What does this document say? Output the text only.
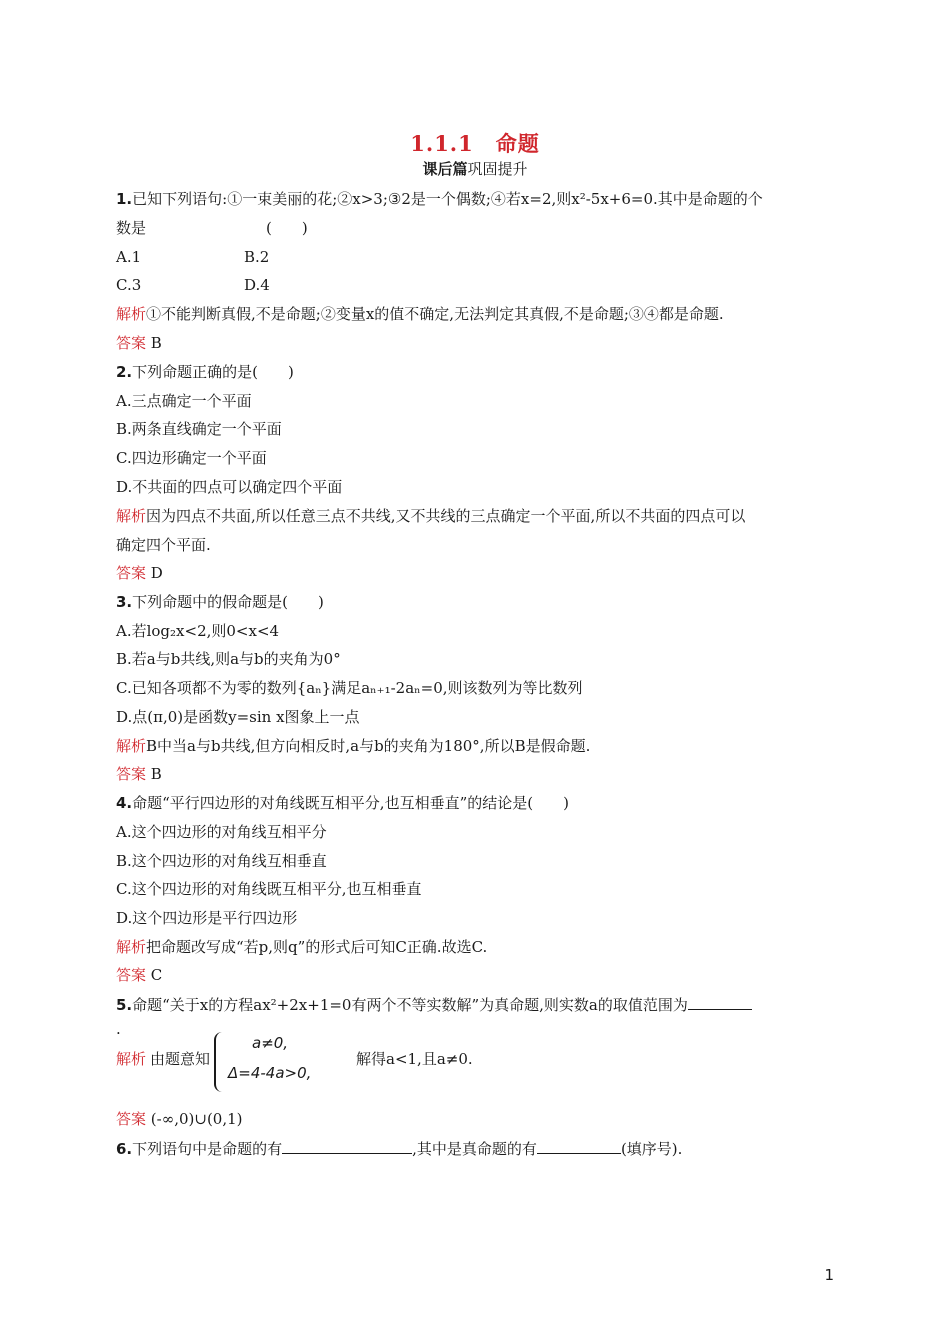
1.1.1　命题
课后篇巩固提升
1.已知下列语句:①一束美丽的花;②x>3;③2是一个偶数;④若x=2,则x²-5x+6=0.其中是命题的个
数是　　　　　　　　(　　)
A.1	B.2
C.3	D.4
解析①不能判断真假,不是命题;②变量x的值不确定,无法判定其真假,不是命题;③④都是命题.
答案 B
2.下列命题正确的是(　　)
A.三点确定一个平面
B.两条直线确定一个平面
C.四边形确定一个平面
D.不共面的四点可以确定四个平面
解析因为四点不共面,所以任意三点不共线,又不共线的三点确定一个平面,所以不共面的四点可以
确定四个平面.
答案 D
3.下列命题中的假命题是(　　)
A.若log₂x<2,则0<x<4
B.若a与b共线,则a与b的夹角为0°
C.已知各项都不为零的数列{aₙ}满足aₙ₊₁-2aₙ=0,则该数列为等比数列
D.点(π,0)是函数y=sin x图象上一点
解析B中当a与b共线,但方向相反时,a与b的夹角为180°,所以B是假命题.
答案 B
4.命题“平行四边形的对角线既互相平分,也互相垂直”的结论是(　　)
A.这个四边形的对角线互相平分
B.这个四边形的对角线互相垂直
C.这个四边形的对角线既互相平分,也互相垂直
D.这个四边形是平行四边形
解析把命题改写成“若p,则q”的形式后可知C正确.故选C.
答案 C
5.命题“关于x的方程ax²+2x+1=0有两个不等实数解”为真命题,则实数a的取值范围为
.
解析 由题意知
a≠0,
Δ=4-4a>0,
解得a<1,且a≠0.
答案 (-∞,0)∪(0,1)
6.下列语句中是命题的有	,其中是真命题的有	(填序号).
1
